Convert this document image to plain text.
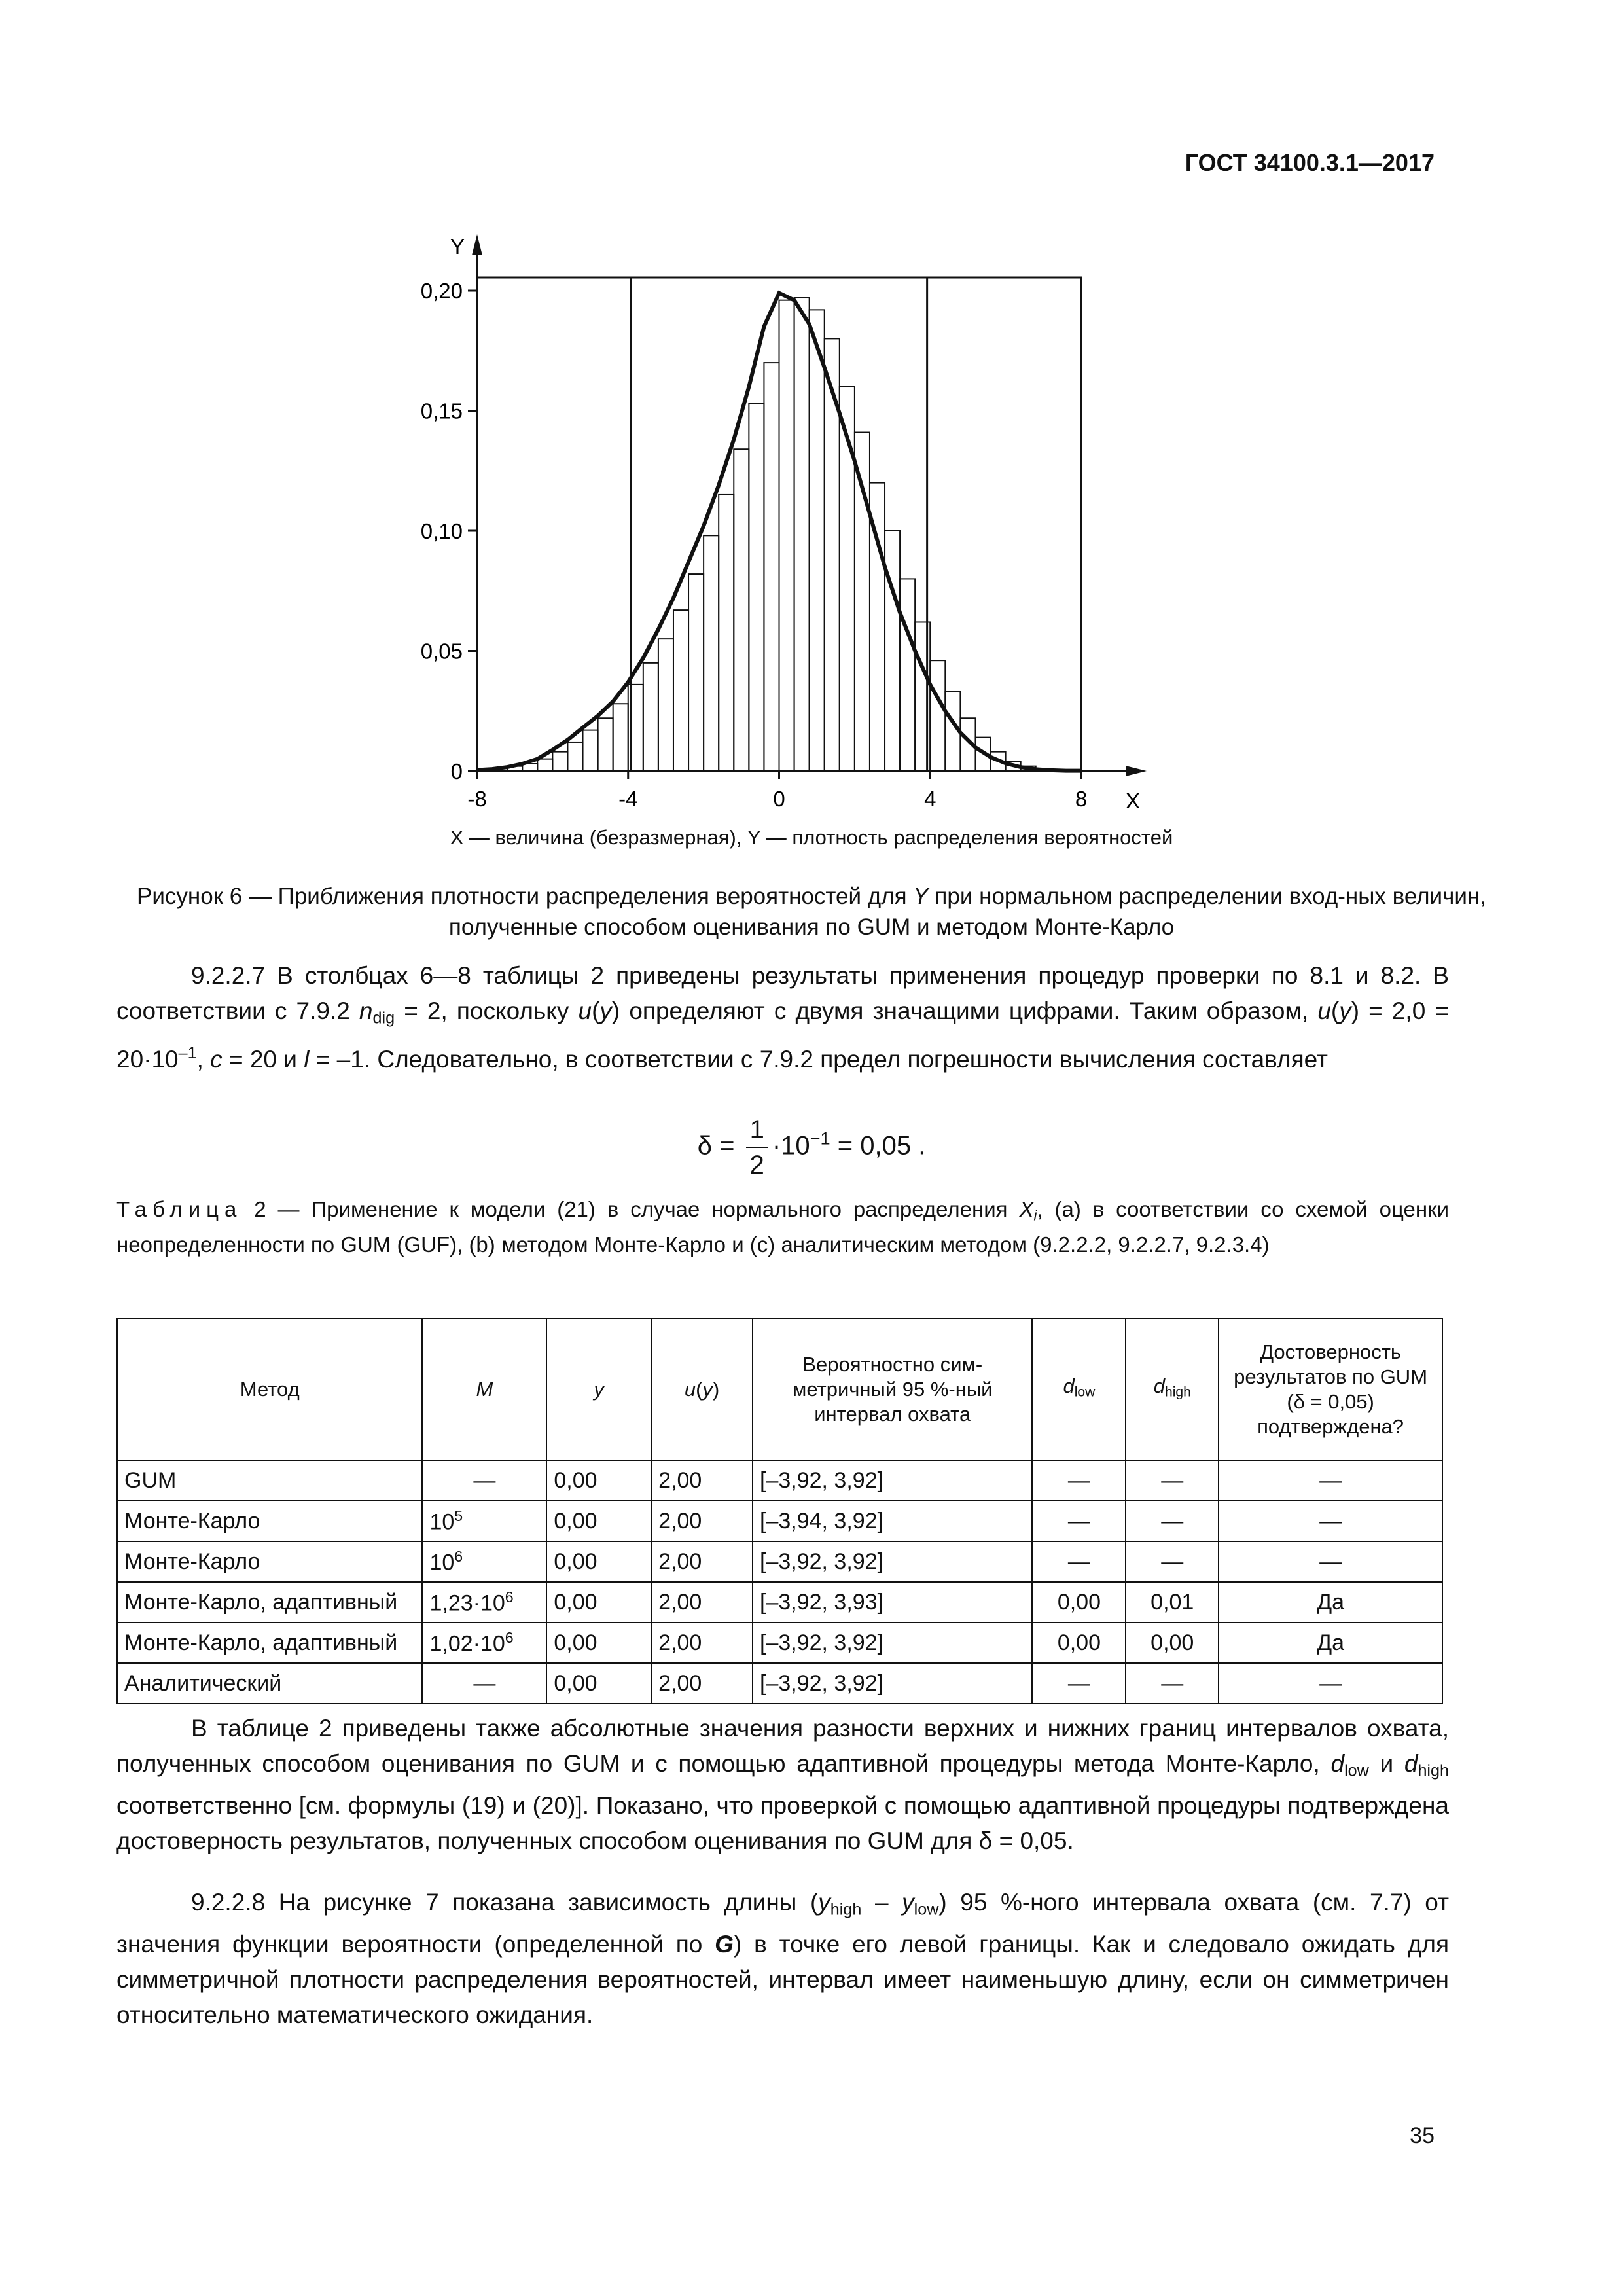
ГОСТ 34100.3.1—2017
Y
X
0
0,05
0,10
0,15
0,20
-8	-4	0	4	8
X — величина (безразмерная), Y — плотность распределения вероятностей
Рисунок 6 — Приближения плотности распределения вероятностей для Y при нормальном распределении вход-ных величин, полученные способом оценивания по GUM и методом Монте-Карло
9.2.2.7 В столбцах 6—8 таблицы 2 приведены результаты применения процедур проверки по 8.1 и 8.2. В соответствии с 7.9.2 $n_{dig} = 2$, поскольку u(y) определяют с двумя значащими цифрами. Таким образом, $u(y) = 2,0 = 20\cdot 10^{-1}$, c = 20 и l = –1. Следовательно, в соответствии с 7.9.2 предел погрешности вычисления составляет
$\delta = \frac{1}{2} \cdot 10^{-1} = 0,05$ .
Таблица 2 — Применение к модели (21) в случае нормального распределения $X_i$, (a) в соответствии со схемой оценки неопределенности по GUM (GUF), (b) методом Монте-Карло и (c) аналитическим методом (9.2.2.2, 9.2.2.7, 9.2.3.4)
Метод	M	y	u(y)	Вероятностно сим-метричный 95 %-ный интервал охвата	$d_{low}$	$d_{high}$	Достоверность результатов по GUM (δ = 0,05) подтверждена?
GUM	—	0,00	2,00	[–3,92, 3,92]	—	—	—
Монте-Карло	$10^5$	0,00	2,00	[–3,94, 3,92]	—	—	—
Монте-Карло	$10^6$	0,00	2,00	[–3,92, 3,92]	—	—	—
Монте-Карло, адаптивный	$1,23\cdot 10^6$	0,00	2,00	[–3,92, 3,93]	0,00	0,01	Да
Монте-Карло, адаптивный	$1,02\cdot 10^6$	0,00	2,00	[–3,92, 3,92]	0,00	0,00	Да
Аналитический	—	0,00	2,00	[–3,92, 3,92]	—	—	—
В таблице 2 приведены также абсолютные значения разности верхних и нижних границ интервалов охвата, полученных способом оценивания по GUM и с помощью адаптивной процедуры метода Монте-Карло, $d_{low}$ и $d_{high}$ соответственно [см. формулы (19) и (20)]. Показано, что проверкой с помощью адаптивной процедуры подтверждена достоверность результатов, полученных способом оценивания по GUM для δ = 0,05.
9.2.2.8 На рисунке 7 показана зависимость длины $(y_{high} - y_{low})$ 95 %-ного интервала охвата (см. 7.7) от значения функции вероятности (определенной по G) в точке его левой границы. Как и следовало ожидать для симметричной плотности распределения вероятностей, интервал имеет наименьшую длину, если он симметричен относительно математического ожидания.
35
